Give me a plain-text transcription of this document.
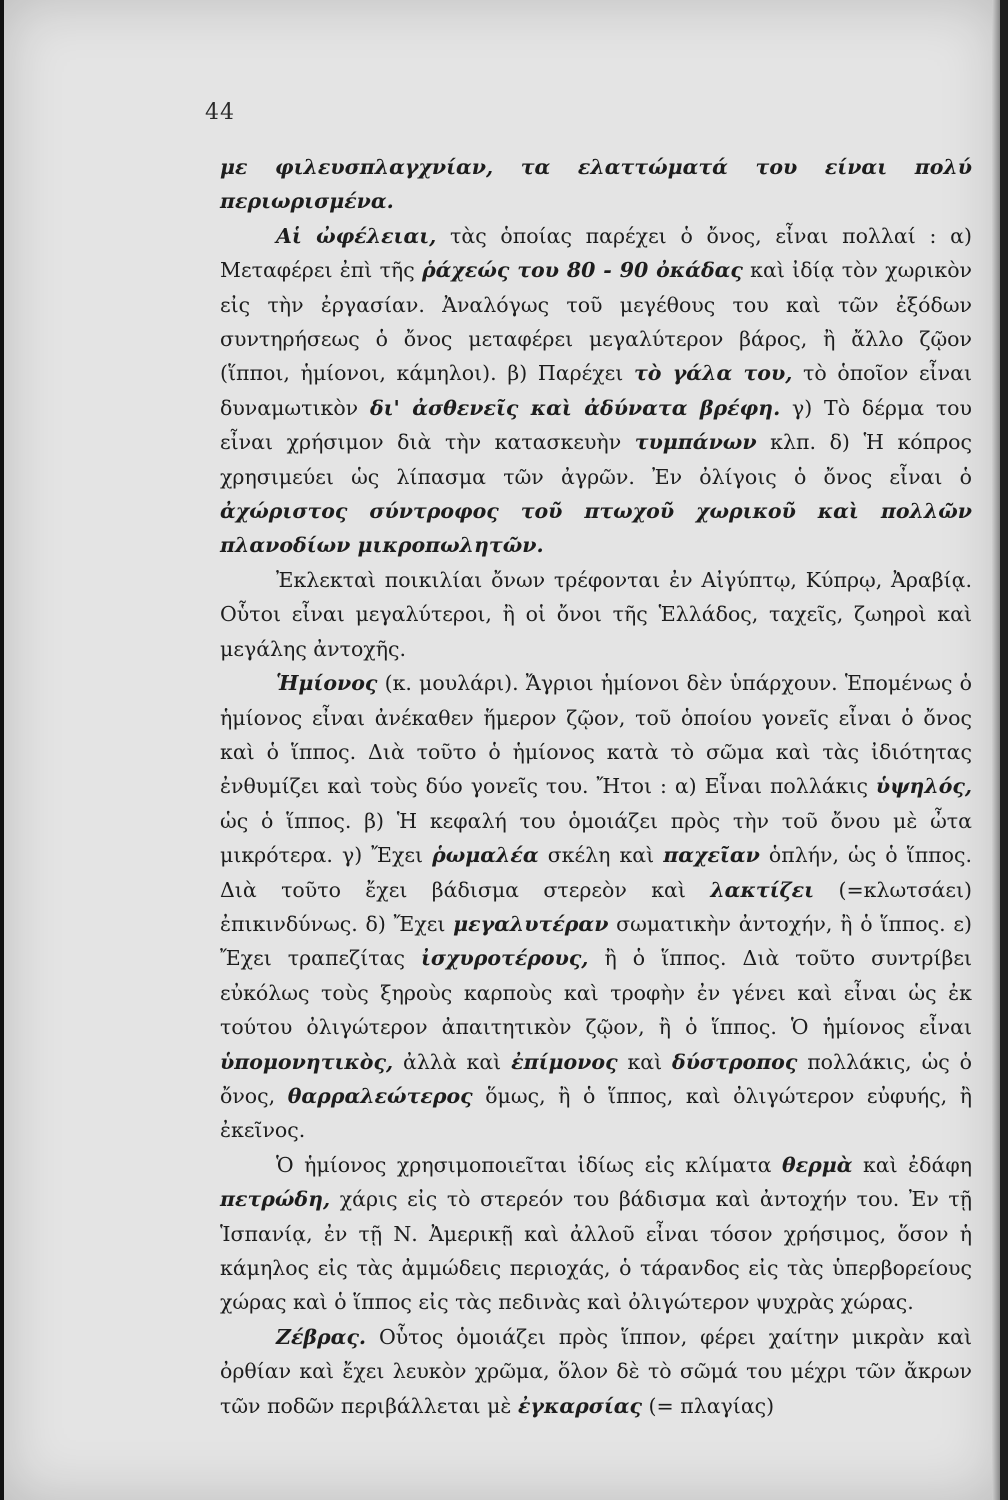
44

με φιλευσπλαγχνίαν, τα ελαττώματά του είναι πολύ περιωρισμένα.

Αἱ ὠφέλειαι, τὰς ὁποίας παρέχει ὁ ὄνος, εἶναι πολλαί : α) Μεταφέρει ἐπὶ τῆς ῥάχεώς του 80 - 90 ὀκάδας καὶ ἰδίᾳ τὸν χωρικὸν εἰς τὴν ἐργασίαν. Ἀναλόγως τοῦ μεγέθους του καὶ τῶν ἐξόδων συντηρήσεως ὁ ὄνος μεταφέρει μεγαλύτερον βάρος, ἢ ἄλλο ζῷον (ἵπποι, ἡμίονοι, κάμηλοι). β) Παρέχει τὸ γάλα του, τὸ ὁποῖον εἶναι δυναμωτικὸν δι' ἀσθενεῖς καὶ ἀδύνατα βρέφη. γ) Τὸ δέρμα του εἶναι χρήσιμον διὰ τὴν κατασκευὴν τυμπάνων κλπ. δ) Ἡ κόπρος χρησιμεύει ὡς λίπασμα τῶν ἀγρῶν. Ἐν ὀλίγοις ὁ ὄνος εἶναι ὁ ἀχώριστος σύντροφος τοῦ πτωχοῦ χωρικοῦ καὶ πολλῶν πλανοδίων μικροπωλητῶν.

Ἐκλεκταὶ ποικιλίαι ὄνων τρέφονται ἐν Αἰγύπτῳ, Κύπρῳ, Ἀραβίᾳ. Οὗτοι εἶναι μεγαλύτεροι, ἢ οἱ ὄνοι τῆς Ἑλλάδος, ταχεῖς, ζωηροὶ καὶ μεγάλης ἀντοχῆς.

Ἡμίονος (κ. μουλάρι). Ἄγριοι ἡμίονοι δὲν ὑπάρχουν. Ἑπομένως ὁ ἡμίονος εἶναι ἀνέκαθεν ἥμερον ζῷον, τοῦ ὁποίου γονεῖς εἶναι ὁ ὄνος καὶ ὁ ἵππος. Διὰ τοῦτο ὁ ἡμίονος κατὰ τὸ σῶμα καὶ τὰς ἰδιότητας ἐνθυμίζει καὶ τοὺς δύο γονεῖς του. Ἤτοι : α) Εἶναι πολλάκις ὑψηλός, ὡς ὁ ἵππος. β) Ἡ κεφαλή του ὁμοιάζει πρὸς τὴν τοῦ ὄνου μὲ ὦτα μικρότερα. γ) Ἔχει ῥωμαλέα σκέλη καὶ παχεῖαν ὁπλήν, ὡς ὁ ἵππος. Διὰ τοῦτο ἔχει βάδισμα στερεὸν καὶ λακτίζει (=κλωτσάει) ἐπικινδύνως. δ) Ἔχει μεγαλυτέραν σωματικὴν ἀντοχήν, ἢ ὁ ἵππος. ε) Ἔχει τραπεζίτας ἰσχυροτέρους, ἢ ὁ ἵππος. Διὰ τοῦτο συντρίβει εὐκόλως τοὺς ξηροὺς καρποὺς καὶ τροφὴν ἐν γένει καὶ εἶναι ὡς ἐκ τούτου ὀλιγώτερον ἀπαιτητικὸν ζῷον, ἢ ὁ ἵππος. Ὁ ἡμίονος εἶναι ὑπομονητικὸς, ἀλλὰ καὶ ἐπίμονος καὶ δύστροπος πολλάκις, ὡς ὁ ὄνος, θαρραλεώτερος ὅμως, ἢ ὁ ἵππος, καὶ ὀλιγώτερον εὐφυής, ἢ ἐκεῖνος.

Ὁ ἡμίονος χρησιμοποιεῖται ἰδίως εἰς κλίματα θερμὰ καὶ ἐδάφη πετρώδη, χάρις εἰς τὸ στερεόν του βάδισμα καὶ ἀντοχήν του. Ἐν τῇ Ἱσπανίᾳ, ἐν τῇ Ν. Ἀμερικῇ καὶ ἀλλοῦ εἶναι τόσον χρήσιμος, ὅσον ἡ κάμηλος εἰς τὰς ἀμμώδεις περιοχάς, ὁ τάρανδος εἰς τὰς ὑπερβορείους χώρας καὶ ὁ ἵππος εἰς τὰς πεδινὰς καὶ ὀλιγώτερον ψυχρὰς χώρας.

Ζέβρας. Οὗτος ὁμοιάζει πρὸς ἵππον, φέρει χαίτην μικρὰν καὶ ὀρθίαν καὶ ἔχει λευκὸν χρῶμα, ὅλον δὲ τὸ σῶμά του μέχρι τῶν ἄκρων τῶν ποδῶν περιβάλλεται μὲ ἐγκαρσίας (= πλαγίας)
